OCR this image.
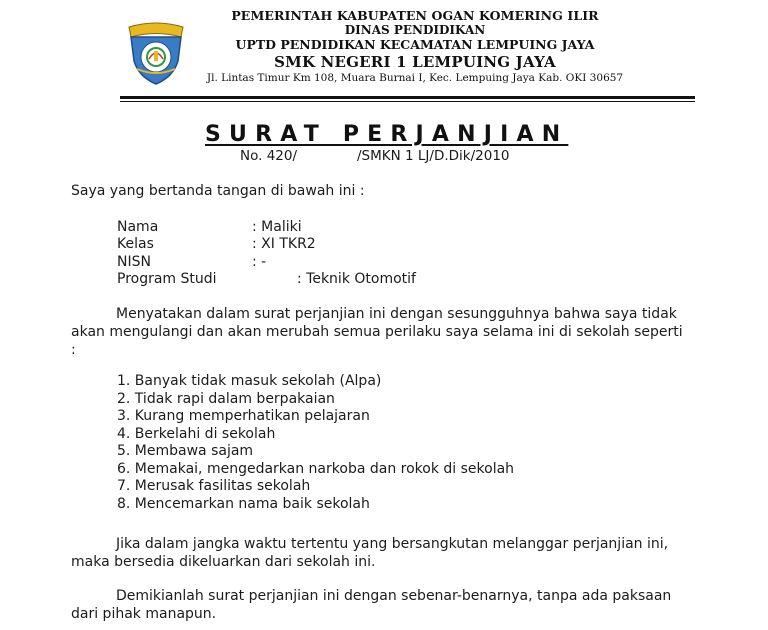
PEMERINTAH KABUPATEN OGAN KOMERING ILIR
DINAS PENDIDIKAN
UPTD PENDIDIKAN KECAMATAN LEMPUING JAYA
SMK NEGERI 1 LEMPUING JAYA
Jl. Lintas Timur Km 108, Muara Burnai I, Kec. Lempuing Jaya Kab. OKI 30657
SURAT PERJANJIAN
No. 420/	/SMKN 1 LJ/D.Dik/2010
Saya yang bertanda tangan di bawah ini :
Nama	: Maliki
Kelas	: XI TKR2
NISN	: -
Program Studi	: Teknik Otomotif
Menyatakan dalam surat perjanjian ini dengan sesungguhnya bahwa saya tidak akan mengulangi dan akan merubah semua perilaku saya selama ini di sekolah seperti :
1. Banyak tidak masuk sekolah (Alpa)
2. Tidak rapi dalam berpakaian
3. Kurang memperhatikan pelajaran
4. Berkelahi di sekolah
5. Membawa sajam
6. Memakai, mengedarkan narkoba dan rokok di sekolah
7. Merusak fasilitas sekolah
8. Mencemarkan nama baik sekolah
Jika dalam jangka waktu tertentu yang bersangkutan melanggar perjanjian ini, maka bersedia dikeluarkan dari sekolah ini.
Demikianlah surat perjanjian ini dengan sebenar-benarnya, tanpa ada paksaan dari pihak manapun.
